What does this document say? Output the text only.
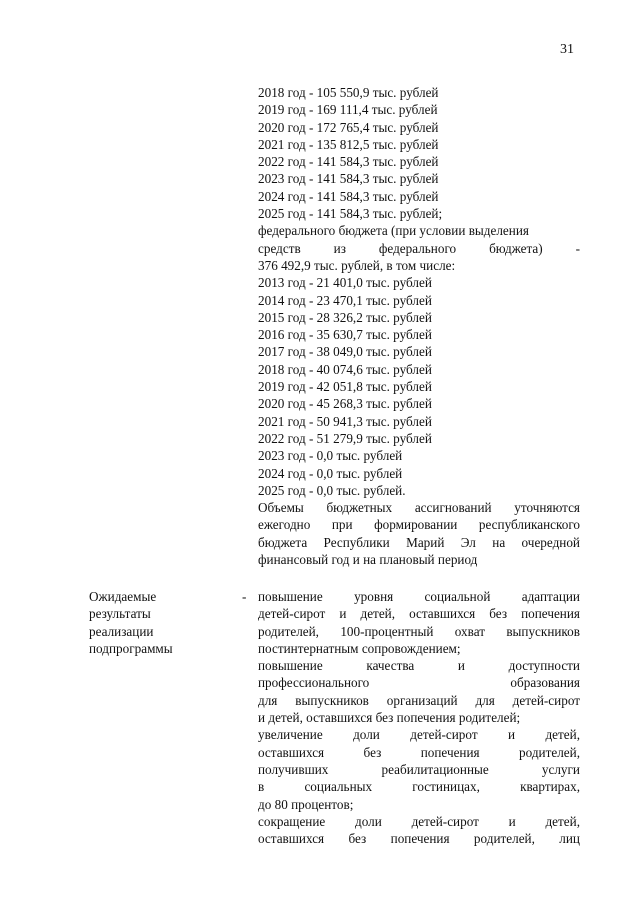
31
2018 год - 105 550,9 тыс. рублей
2019 год - 169 111,4 тыс. рублей
2020 год - 172 765,4 тыс. рублей
2021 год - 135 812,5 тыс. рублей
2022 год - 141 584,3 тыс. рублей
2023 год - 141 584,3 тыс. рублей
2024 год - 141 584,3 тыс. рублей
2025 год - 141 584,3 тыс. рублей;
федерального бюджета (при условии выделения
средств из федерального бюджета) -
376 492,9 тыс. рублей, в том числе:
2013 год - 21 401,0 тыс. рублей
2014 год - 23 470,1 тыс. рублей
2015 год - 28 326,2 тыс. рублей
2016 год - 35 630,7 тыс. рублей
2017 год - 38 049,0 тыс. рублей
2018 год - 40 074,6 тыс. рублей
2019 год - 42 051,8 тыс. рублей
2020 год - 45 268,3 тыс. рублей
2021 год - 50 941,3 тыс. рублей
2022 год - 51 279,9 тыс. рублей
2023 год - 0,0 тыс. рублей
2024 год - 0,0 тыс. рублей
2025 год - 0,0 тыс. рублей.
Объемы бюджетных ассигнований уточняются
ежегодно при формировании республиканского
бюджета Республики Марий Эл на очередной
финансовый год и на плановый период
Ожидаемые
результаты
реализации
подпрограммы
- повышение уровня социальной адаптации
детей-сирот и детей, оставшихся без попечения
родителей, 100-процентный охват выпускников
постинтернатным сопровождением;
повышение качества и доступности
профессионального образования
для выпускников организаций для детей-сирот
и детей, оставшихся без попечения родителей;
увеличение доли детей-сирот и детей,
оставшихся без попечения родителей,
получивших реабилитационные услуги
в социальных гостиницах, квартирах,
до 80 процентов;
сокращение доли детей-сирот и детей,
оставшихся без попечения родителей, лиц
